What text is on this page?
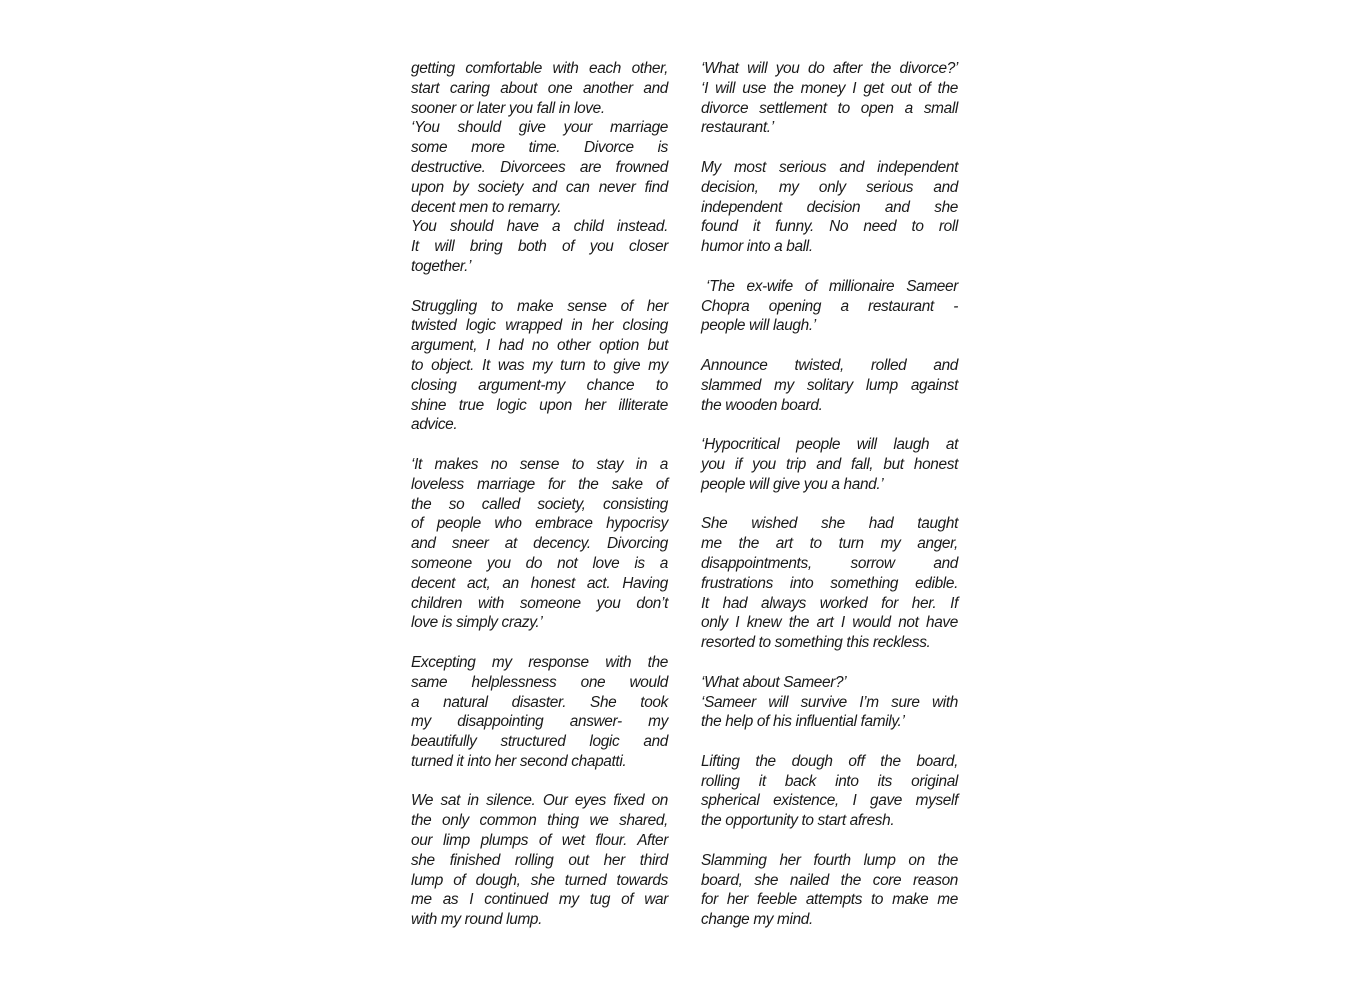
getting comfortable with each other,
start caring about one another and
sooner or later you fall in love.
‘You should give your marriage
some more time. Divorce is
destructive. Divorcees are frowned
upon by society and can never find
decent men to remarry.
You should have a child instead.
It will bring both of you closer
together.’
Struggling to make sense of her
twisted logic wrapped in her closing
argument, I had no other option but
to object. It was my turn to give my
closing argument-my chance to
shine true logic upon her illiterate
advice.
‘It makes no sense to stay in a
loveless marriage for the sake of
the so called society, consisting
of people who embrace hypocrisy
and sneer at decency. Divorcing
someone you do not love is a
decent act, an honest act. Having
children with someone you don’t
love is simply crazy.’
Excepting my response with the
same helplessness one would
a natural disaster. She took
my disappointing answer- my
beautifully structured logic and
turned it into her second chapatti.
We sat in silence. Our eyes fixed on
the only common thing we shared,
our limp plumps of wet flour. After
she finished rolling out her third
lump of dough, she turned towards
me as I continued my tug of war
with my round lump.
‘What will you do after the divorce?’
‘I will use the money I get out of the
divorce settlement to open a small
restaurant.’
My most serious and independent
decision, my only serious and
independent decision and she
found it funny. No need to roll
humor into a ball.
‘The ex-wife of millionaire Sameer
Chopra opening a restaurant -
people will laugh.’
Announce twisted, rolled and
slammed my solitary lump against
the wooden board.
‘Hypocritical people will laugh at
you if you trip and fall, but honest
people will give you a hand.’
She wished she had taught
me the art to turn my anger,
disappointments, sorrow and
frustrations into something edible.
It had always worked for her. If
only I knew the art I would not have
resorted to something this reckless.
‘What about Sameer?’
‘Sameer will survive I’m sure with
the help of his influential family.’
Lifting the dough off the board,
rolling it back into its original
spherical existence, I gave myself
the opportunity to start afresh.
Slamming her fourth lump on the
board, she nailed the core reason
for her feeble attempts to make me
change my mind.
